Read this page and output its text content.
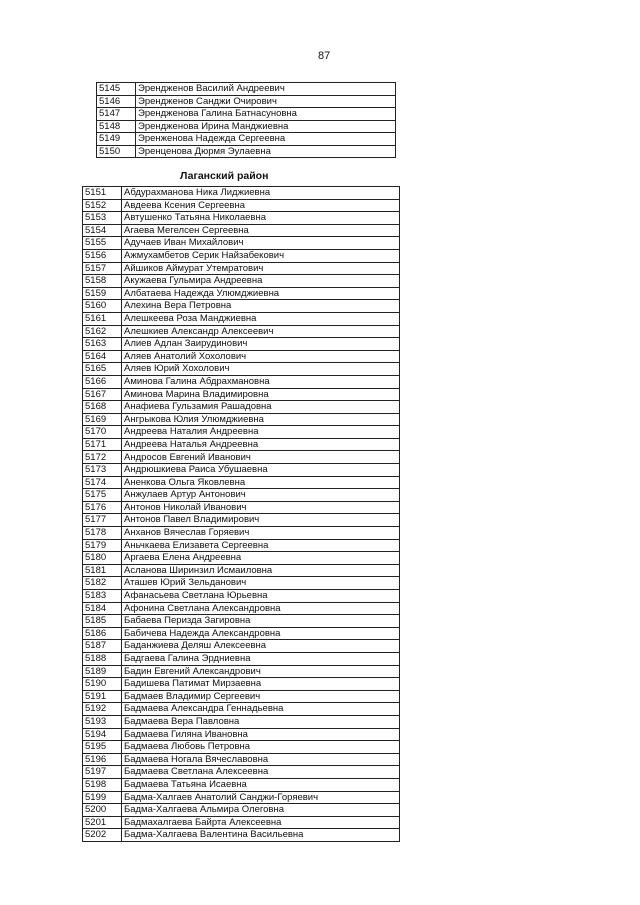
87
5145	Эрендженов Василий Андреевич
5146	Эрендженов Санджи Очирович
5147	Эрендженова Галина Батнасуновна
5148	Эрендженова Ирина Манджиевна
5149	Эренженова Надежда Сергеевна
5150	Эренценова Дюрмя Эулаевна
Лаганский район
5151	Абдурахманова Ника Лиджиевна
5152	Авдеева Ксения Сергеевна
5153	Автушенко Татьяна Николаевна
5154	Агаева Мегелсен Сергеевна
5155	Адучаев Иван Михайлович
5156	Ажмухамбетов Серик Найзабекович
5157	Айшиков Аймурат Утемратович
5158	Акужаева Гульмира Андреевна
5159	Албатаева Надежда Улюмджиевна
5160	Алехина Вера Петровна
5161	Алешкеева Роза Манджиевна
5162	Алешкиев Александр Алексеевич
5163	Алиев Адлан Заирудинович
5164	Аляев Анатолий Хохолович
5165	Аляев Юрий Хохолович
5166	Аминова Галина Абдрахмановна
5167	Аминова Марина Владимировна
5168	Анафиева Гульзамия Рашадовна
5169	Ангрыкова Юлия Улюмджиевна
5170	Андреева Наталия Андреевна
5171	Андреева Наталья Андреевна
5172	Андросов Евгений Иванович
5173	Андрюшкиева Раиса Убушаевна
5174	Аненкова Ольга Яковлевна
5175	Анжулаев Артур Антонович
5176	Антонов Николай Иванович
5177	Антонов Павел Владимирович
5178	Анханов Вячеслав Горяевич
5179	Аньчкаева Елизавета Сергеевна
5180	Аргаева Елена Андреевна
5181	Асланова Ширинзил Исмаиловна
5182	Аташев Юрий Зельданович
5183	Афанасьева Светлана Юрьевна
5184	Афонина Светлана Александровна
5185	Бабаева Перизда Загировна
5186	Бабичева Надежда Александровна
5187	Баданжиева Деляш Алексеевна
5188	Бадгаева Галина Эрдниевна
5189	Бадин Евгений Александрович
5190	Бадишева Патимат Мирзаевна
5191	Бадмаев Владимир Сергеевич
5192	Бадмаева Александра Геннадьевна
5193	Бадмаева Вера Павловна
5194	Бадмаева Гиляна Ивановна
5195	Бадмаева Любовь Петровна
5196	Бадмаева Ногала Вячеславовна
5197	Бадмаева Светлана Алексеевна
5198	Бадмаева Татьяна Исаевна
5199	Бадма-Халгаев Анатолий Санджи-Горяевич
5200	Бадма-Халгаева Альмира Олеговна
5201	Бадмахалгаева Байрта Алексеевна
5202	Бадма-Халгаева Валентина Васильевна
